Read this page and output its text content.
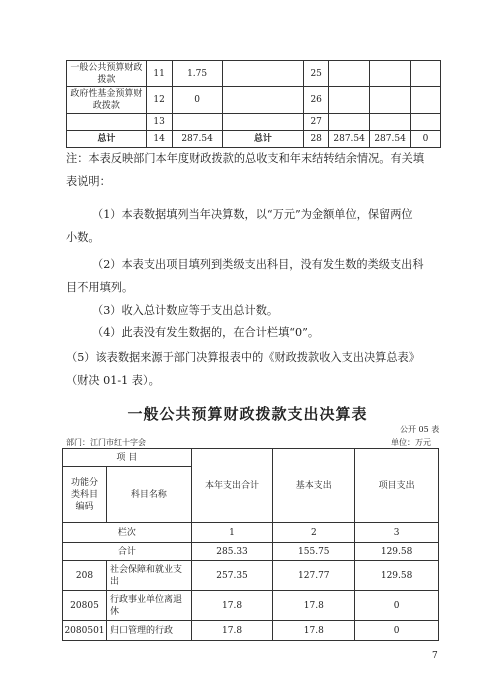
一般公共预算财政拨款	11	1.75		25			
政府性基金预算财政拨款	12	0		26			
	13			27			
总计	14	287.54	总计	28	287.54	287.54	0
注：本表反映部门本年度财政拨款的总收支和年末结转结余情况。有关填
表说明：
（1）本表数据填列当年决算数，以“万元”为金额单位，保留两位
小数。
（2）本表支出项目填列到类级支出科目，没有发生数的类级支出科
目不用填列。
（3）收入总计数应等于支出总计数。
（4）此表没有发生数据的，在合计栏填“0”。
（5）该表数据来源于部门决算报表中的《财政拨款收入支出决算总表》
（财决 01-1 表）。
一般公共预算财政拨款支出决算表
公开 05 表
部门：江门市红十字会	单位：万元
项 目		本年支出合计	基本支出	项目支出
功能分类科目编码	科目名称			
栏次		1	2	3
合计		285.33	155.75	129.58
208	社会保障和就业支出	257.35	127.77	129.58
20805	行政事业单位离退休	17.8	17.8	0
2080501	归口管理的行政	17.8	17.8	0
7
